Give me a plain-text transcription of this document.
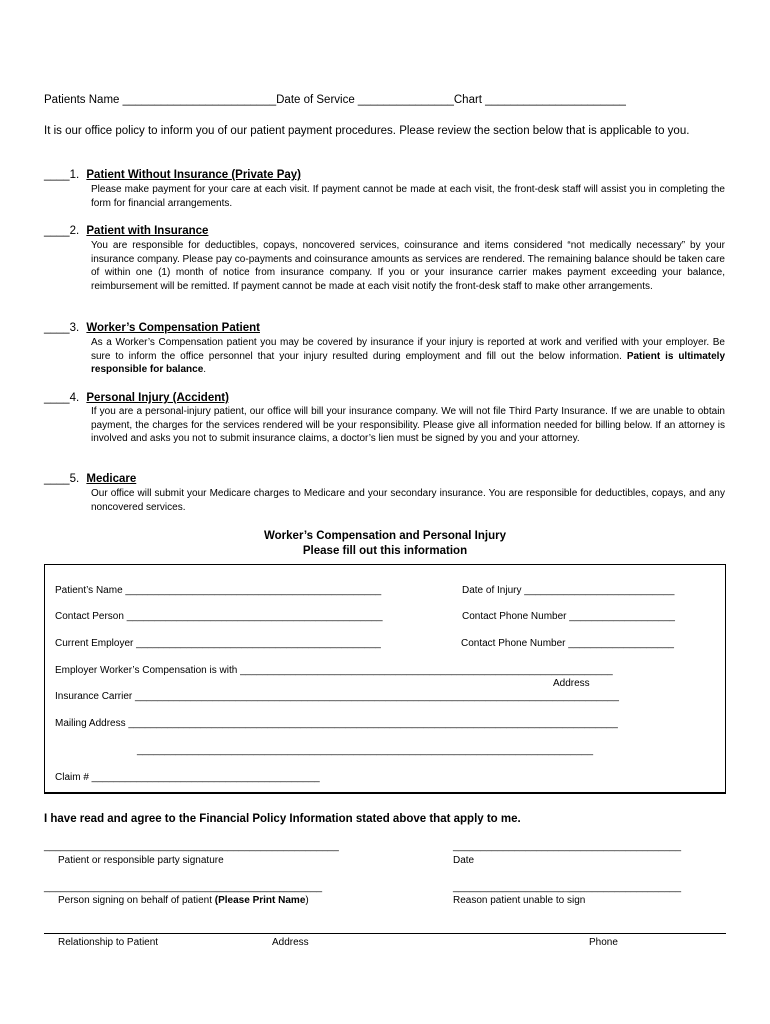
Patients Name ________________________Date of Service _______________Chart ______________________
It is our office policy to inform you of our patient payment procedures. Please review the section below that is applicable to you.
____1. Patient Without Insurance (Private Pay)
Please make payment for your care at each visit. If payment cannot be made at each visit, the front-desk staff will assist you in completing the form for financial arrangements.
____2. Patient with Insurance
You are responsible for deductibles, copays, noncovered services, coinsurance and items considered “not medically necessary” by your insurance company. Please pay co-payments and coinsurance amounts as services are rendered. The remaining balance should be taken care of within one (1) month of notice from insurance company. If you or your insurance carrier makes payment exceeding your balance, reimbursement will be remitted. If payment cannot be made at each visit notify the front-desk staff to make other arrangements.
____3. Worker’s Compensation Patient
As a Worker’s Compensation patient you may be covered by insurance if your injury is reported at work and verified with your employer. Be sure to inform the office personnel that your injury resulted during employment and fill out the below information. Patient is ultimately responsible for balance.
____4. Personal Injury (Accident)
If you are a personal-injury patient, our office will bill your insurance company. We will not file Third Party Insurance. If we are unable to obtain payment, the charges for the services rendered will be your responsibility. Please give all information needed for billing below. If an attorney is involved and asks you not to submit insurance claims, a doctor’s lien must be signed by you and your attorney.
____5. Medicare
Our office will submit your Medicare charges to Medicare and your secondary insurance. You are responsible for deductibles, copays, and any noncovered services.
Worker’s Compensation and Personal Injury
Please fill out this information
Patient’s Name ______________________________________________	Date of Injury ___________________________
Contact Person ______________________________________________	Contact Phone Number ___________________
Current Employer ____________________________________________	Contact Phone Number ___________________
Employer Worker’s Compensation is with ___________________________________________________________________
Address
Insurance Carrier _______________________________________________________________________________________
Mailing Address ________________________________________________________________________________________
__________________________________________________________________________________
Claim # _________________________________________
I have read and agree to the Financial Policy Information stated above that apply to me.
_____________________________________________________
Patient or responsible party signature
_________________________________________
Date
__________________________________________________
Person signing on behalf of patient (Please Print Name)
_________________________________________
Reason patient unable to sign
Relationship to Patient	Address	Phone
